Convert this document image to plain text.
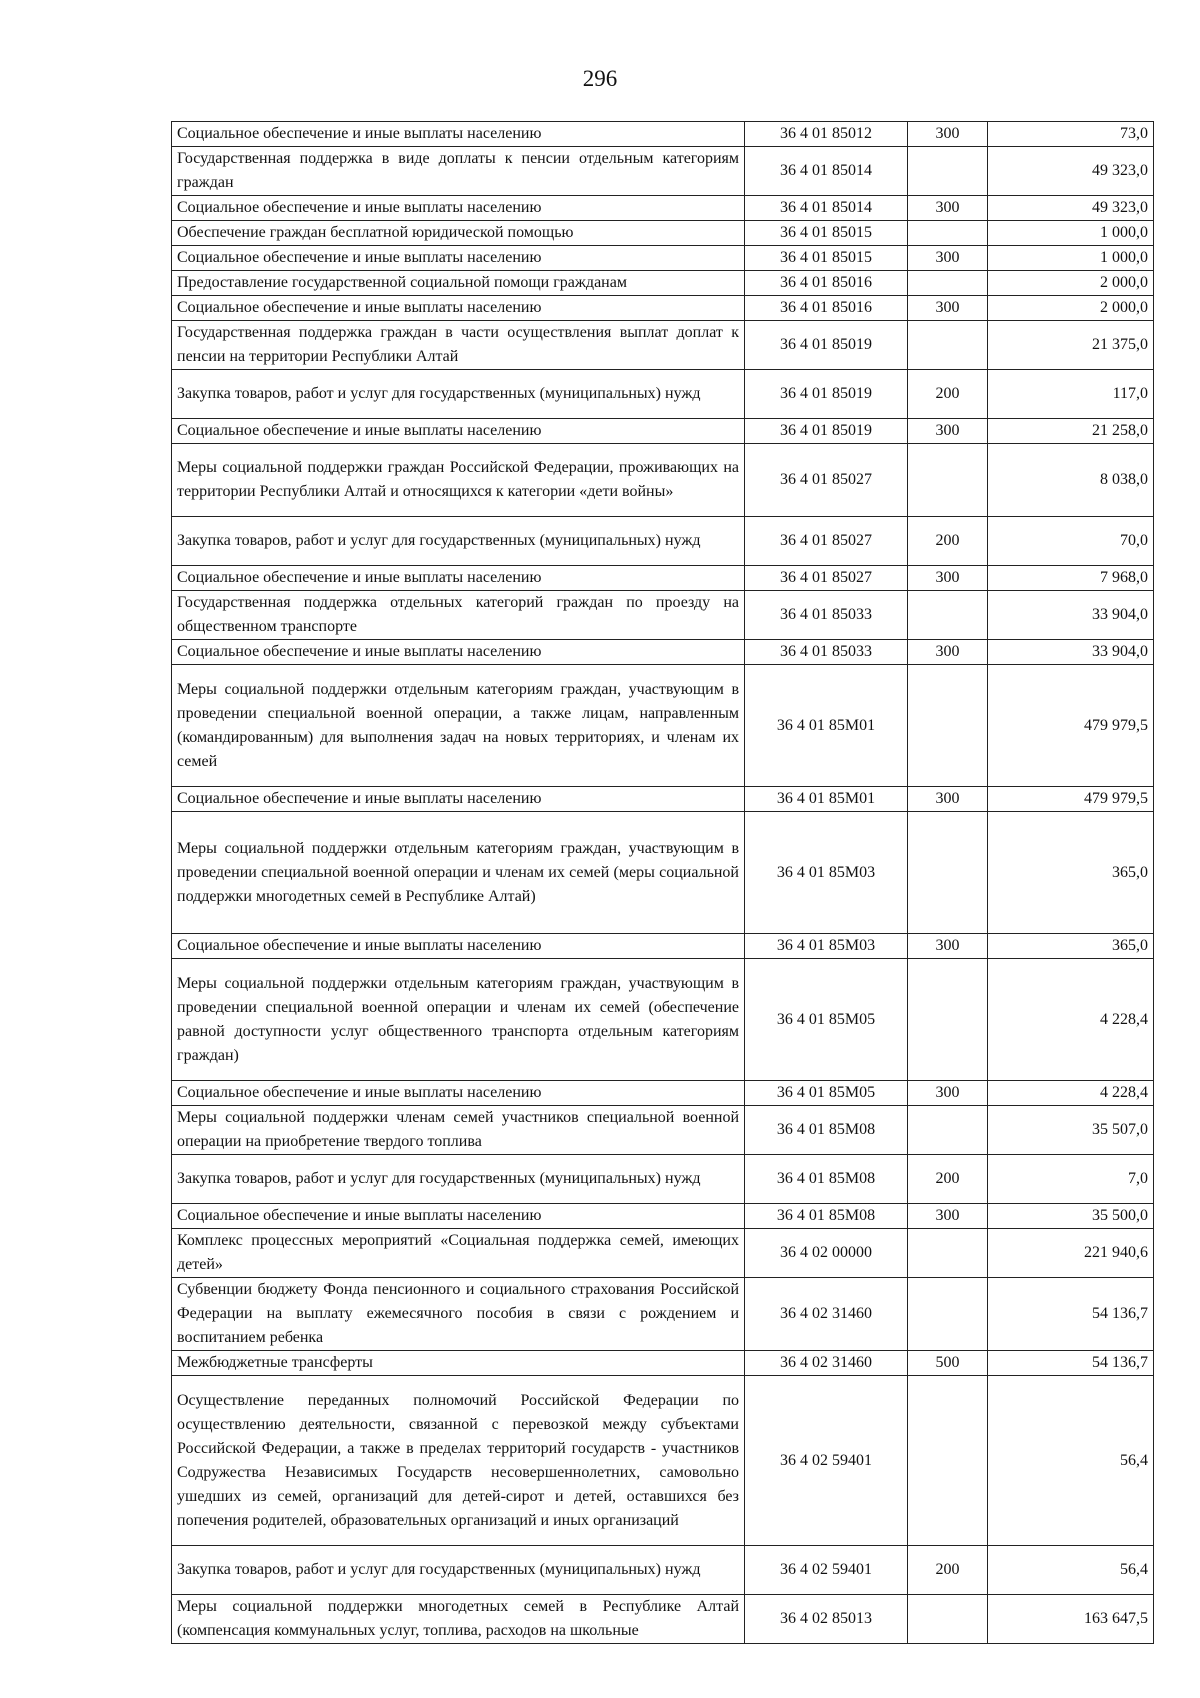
296
Социальное обеспечение и иные выплаты населению	36 4 01 85012	300	73,0
Государственная поддержка в виде доплаты к пенсии отдельным категориям граждан	36 4 01 85014		49 323,0
Социальное обеспечение и иные выплаты населению	36 4 01 85014	300	49 323,0
Обеспечение граждан бесплатной юридической помощью	36 4 01 85015		1 000,0
Социальное обеспечение и иные выплаты населению	36 4 01 85015	300	1 000,0
Предоставление государственной социальной помощи гражданам	36 4 01 85016		2 000,0
Социальное обеспечение и иные выплаты населению	36 4 01 85016	300	2 000,0
Государственная поддержка граждан в части осуществления выплат доплат к пенсии на территории Республики Алтай	36 4 01 85019		21 375,0
Закупка товаров, работ и услуг для государственных (муниципальных) нужд	36 4 01 85019	200	117,0
Социальное обеспечение и иные выплаты населению	36 4 01 85019	300	21 258,0
Меры социальной поддержки граждан Российской Федерации, проживающих на территории Республики Алтай и относящихся к категории «дети войны»	36 4 01 85027		8 038,0
Закупка товаров, работ и услуг для государственных (муниципальных) нужд	36 4 01 85027	200	70,0
Социальное обеспечение и иные выплаты населению	36 4 01 85027	300	7 968,0
Государственная поддержка отдельных категорий граждан по проезду на общественном транспорте	36 4 01 85033		33 904,0
Социальное обеспечение и иные выплаты населению	36 4 01 85033	300	33 904,0
Меры социальной поддержки отдельным категориям граждан, участвующим в проведении специальной военной операции, а также лицам, направленным (командированным) для выполнения задач на новых территориях, и членам их семей	36 4 01 85М01		479 979,5
Социальное обеспечение и иные выплаты населению	36 4 01 85М01	300	479 979,5
Меры социальной поддержки отдельным категориям граждан, участвующим в проведении специальной военной операции и членам их семей (меры социальной поддержки многодетных семей в Республике Алтай)	36 4 01 85М03		365,0
Социальное обеспечение и иные выплаты населению	36 4 01 85М03	300	365,0
Меры социальной поддержки отдельным категориям граждан, участвующим в проведении специальной военной операции и членам их семей (обеспечение равной доступности услуг общественного транспорта отдельным категориям граждан)	36 4 01 85М05		4 228,4
Социальное обеспечение и иные выплаты населению	36 4 01 85М05	300	4 228,4
Меры социальной поддержки членам семей участников специальной военной операции на приобретение твердого топлива	36 4 01 85М08		35 507,0
Закупка товаров, работ и услуг для государственных (муниципальных) нужд	36 4 01 85М08	200	7,0
Социальное обеспечение и иные выплаты населению	36 4 01 85М08	300	35 500,0
Комплекс процессных мероприятий «Социальная поддержка семей, имеющих детей»	36 4 02 00000		221 940,6
Субвенции бюджету Фонда пенсионного и социального страхования Российской Федерации на выплату ежемесячного пособия в связи с рождением и воспитанием ребенка	36 4 02 31460		54 136,7
Межбюджетные трансферты	36 4 02 31460	500	54 136,7
Осуществление переданных полномочий Российской Федерации по осуществлению деятельности, связанной с перевозкой между субъектами Российской Федерации, а также в пределах территорий государств - участников Содружества Независимых Государств несовершеннолетних, самовольно ушедших из семей, организаций для детей-сирот и детей, оставшихся без попечения родителей, образовательных организаций и иных организаций	36 4 02 59401		56,4
Закупка товаров, работ и услуг для государственных (муниципальных) нужд	36 4 02 59401	200	56,4
Меры социальной поддержки многодетных семей в Республике Алтай (компенсация коммунальных услуг, топлива, расходов на школьные	36 4 02 85013		163 647,5
